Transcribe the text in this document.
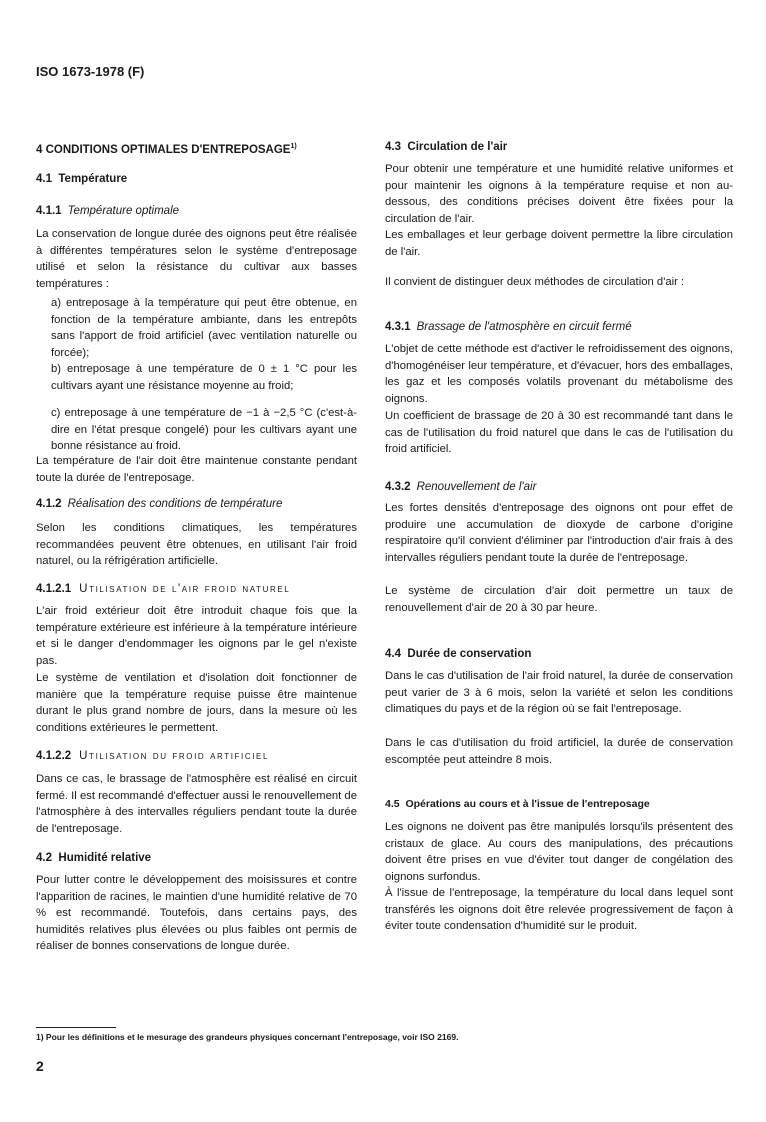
ISO 1673-1978 (F)
4 CONDITIONS OPTIMALES D'ENTREPOSAGE$^{1)}$
4.1 Température
4.1.1 Température optimale
La conservation de longue durée des oignons peut être réalisée à différentes températures selon le système d'entreposage utilisé et selon la résistance du cultivar aux basses températures :
a) entreposage à la température qui peut être obtenue, en fonction de la température ambiante, dans les entrepôts sans l'apport de froid artificiel (avec ventilation naturelle ou forcée);
b) entreposage à une température de 0 ± 1 °C pour les cultivars ayant une résistance moyenne au froid;
c) entreposage à une température de −1 à −2,5 °C (c'est-à-dire en l'état presque congelé) pour les cultivars ayant une bonne résistance au froid.
La température de l'air doit être maintenue constante pendant toute la durée de l'entreposage.
4.1.2 Réalisation des conditions de température
Selon les conditions climatiques, les températures recommandées peuvent être obtenues, en utilisant l'air froid naturel, ou la réfrigération artificielle.
4.1.2.1 Utilisation de l'air froid naturel
L'air froid extérieur doit être introduit chaque fois que la température extérieure est inférieure à la température intérieure et si le danger d'endommager les oignons par le gel n'existe pas.
Le système de ventilation et d'isolation doit fonctionner de manière que la température requise puisse être maintenue durant le plus grand nombre de jours, dans la mesure où les conditions extérieures le permettent.
4.1.2.2 Utilisation du froid artificiel
Dans ce cas, le brassage de l'atmosphère est réalisé en circuit fermé. Il est recommandé d'effectuer aussi le renouvellement de l'atmosphère à des intervalles réguliers pendant toute la durée de l'entreposage.
4.2 Humidité relative
Pour lutter contre le développement des moisissures et contre l'apparition de racines, le maintien d'une humidité relative de 70 % est recommandé. Toutefois, dans certains pays, des humidités relatives plus élevées ou plus faibles ont permis de réaliser de bonnes conservations de longue durée.
4.3 Circulation de l'air
Pour obtenir une température et une humidité relative uniformes et pour maintenir les oignons à la température requise et non au-dessous, des conditions précises doivent être fixées pour la circulation de l'air.
Les emballages et leur gerbage doivent permettre la libre circulation de l'air.
Il convient de distinguer deux méthodes de circulation d'air :
4.3.1 Brassage de l'atmosphère en circuit fermé
L'objet de cette méthode est d'activer le refroidissement des oignons, d'homogénéiser leur température, et d'évacuer, hors des emballages, les gaz et les composés volatils provenant du métabolisme des oignons.
Un coefficient de brassage de 20 à 30 est recommandé tant dans le cas de l'utilisation du froid naturel que dans le cas de l'utilisation du froid artificiel.
4.3.2 Renouvellement de l'air
Les fortes densités d'entreposage des oignons ont pour effet de produire une accumulation de dioxyde de carbone d'origine respiratoire qu'il convient d'éliminer par l'introduction d'air frais à des intervalles réguliers pendant toute la durée de l'entreposage.
Le système de circulation d'air doit permettre un taux de renouvellement d'air de 20 à 30 par heure.
4.4 Durée de conservation
Dans le cas d'utilisation de l'air froid naturel, la durée de conservation peut varier de 3 à 6 mois, selon la variété et selon les conditions climatiques du pays et de la région où se fait l'entreposage.
Dans le cas d'utilisation du froid artificiel, la durée de conservation escomptée peut atteindre 8 mois.
4.5 Opérations au cours et à l'issue de l'entreposage
Les oignons ne doivent pas être manipulés lorsqu'ils présentent des cristaux de glace. Au cours des manipulations, des précautions doivent être prises en vue d'éviter tout danger de congélation des oignons surfondus.
À l'issue de l'entreposage, la température du local dans lequel sont transférés les oignons doit être relevée progressivement de façon à éviter toute condensation d'humidité sur le produit.
1) Pour les définitions et le mesurage des grandeurs physiques concernant l'entreposage, voir ISO 2169.
2
